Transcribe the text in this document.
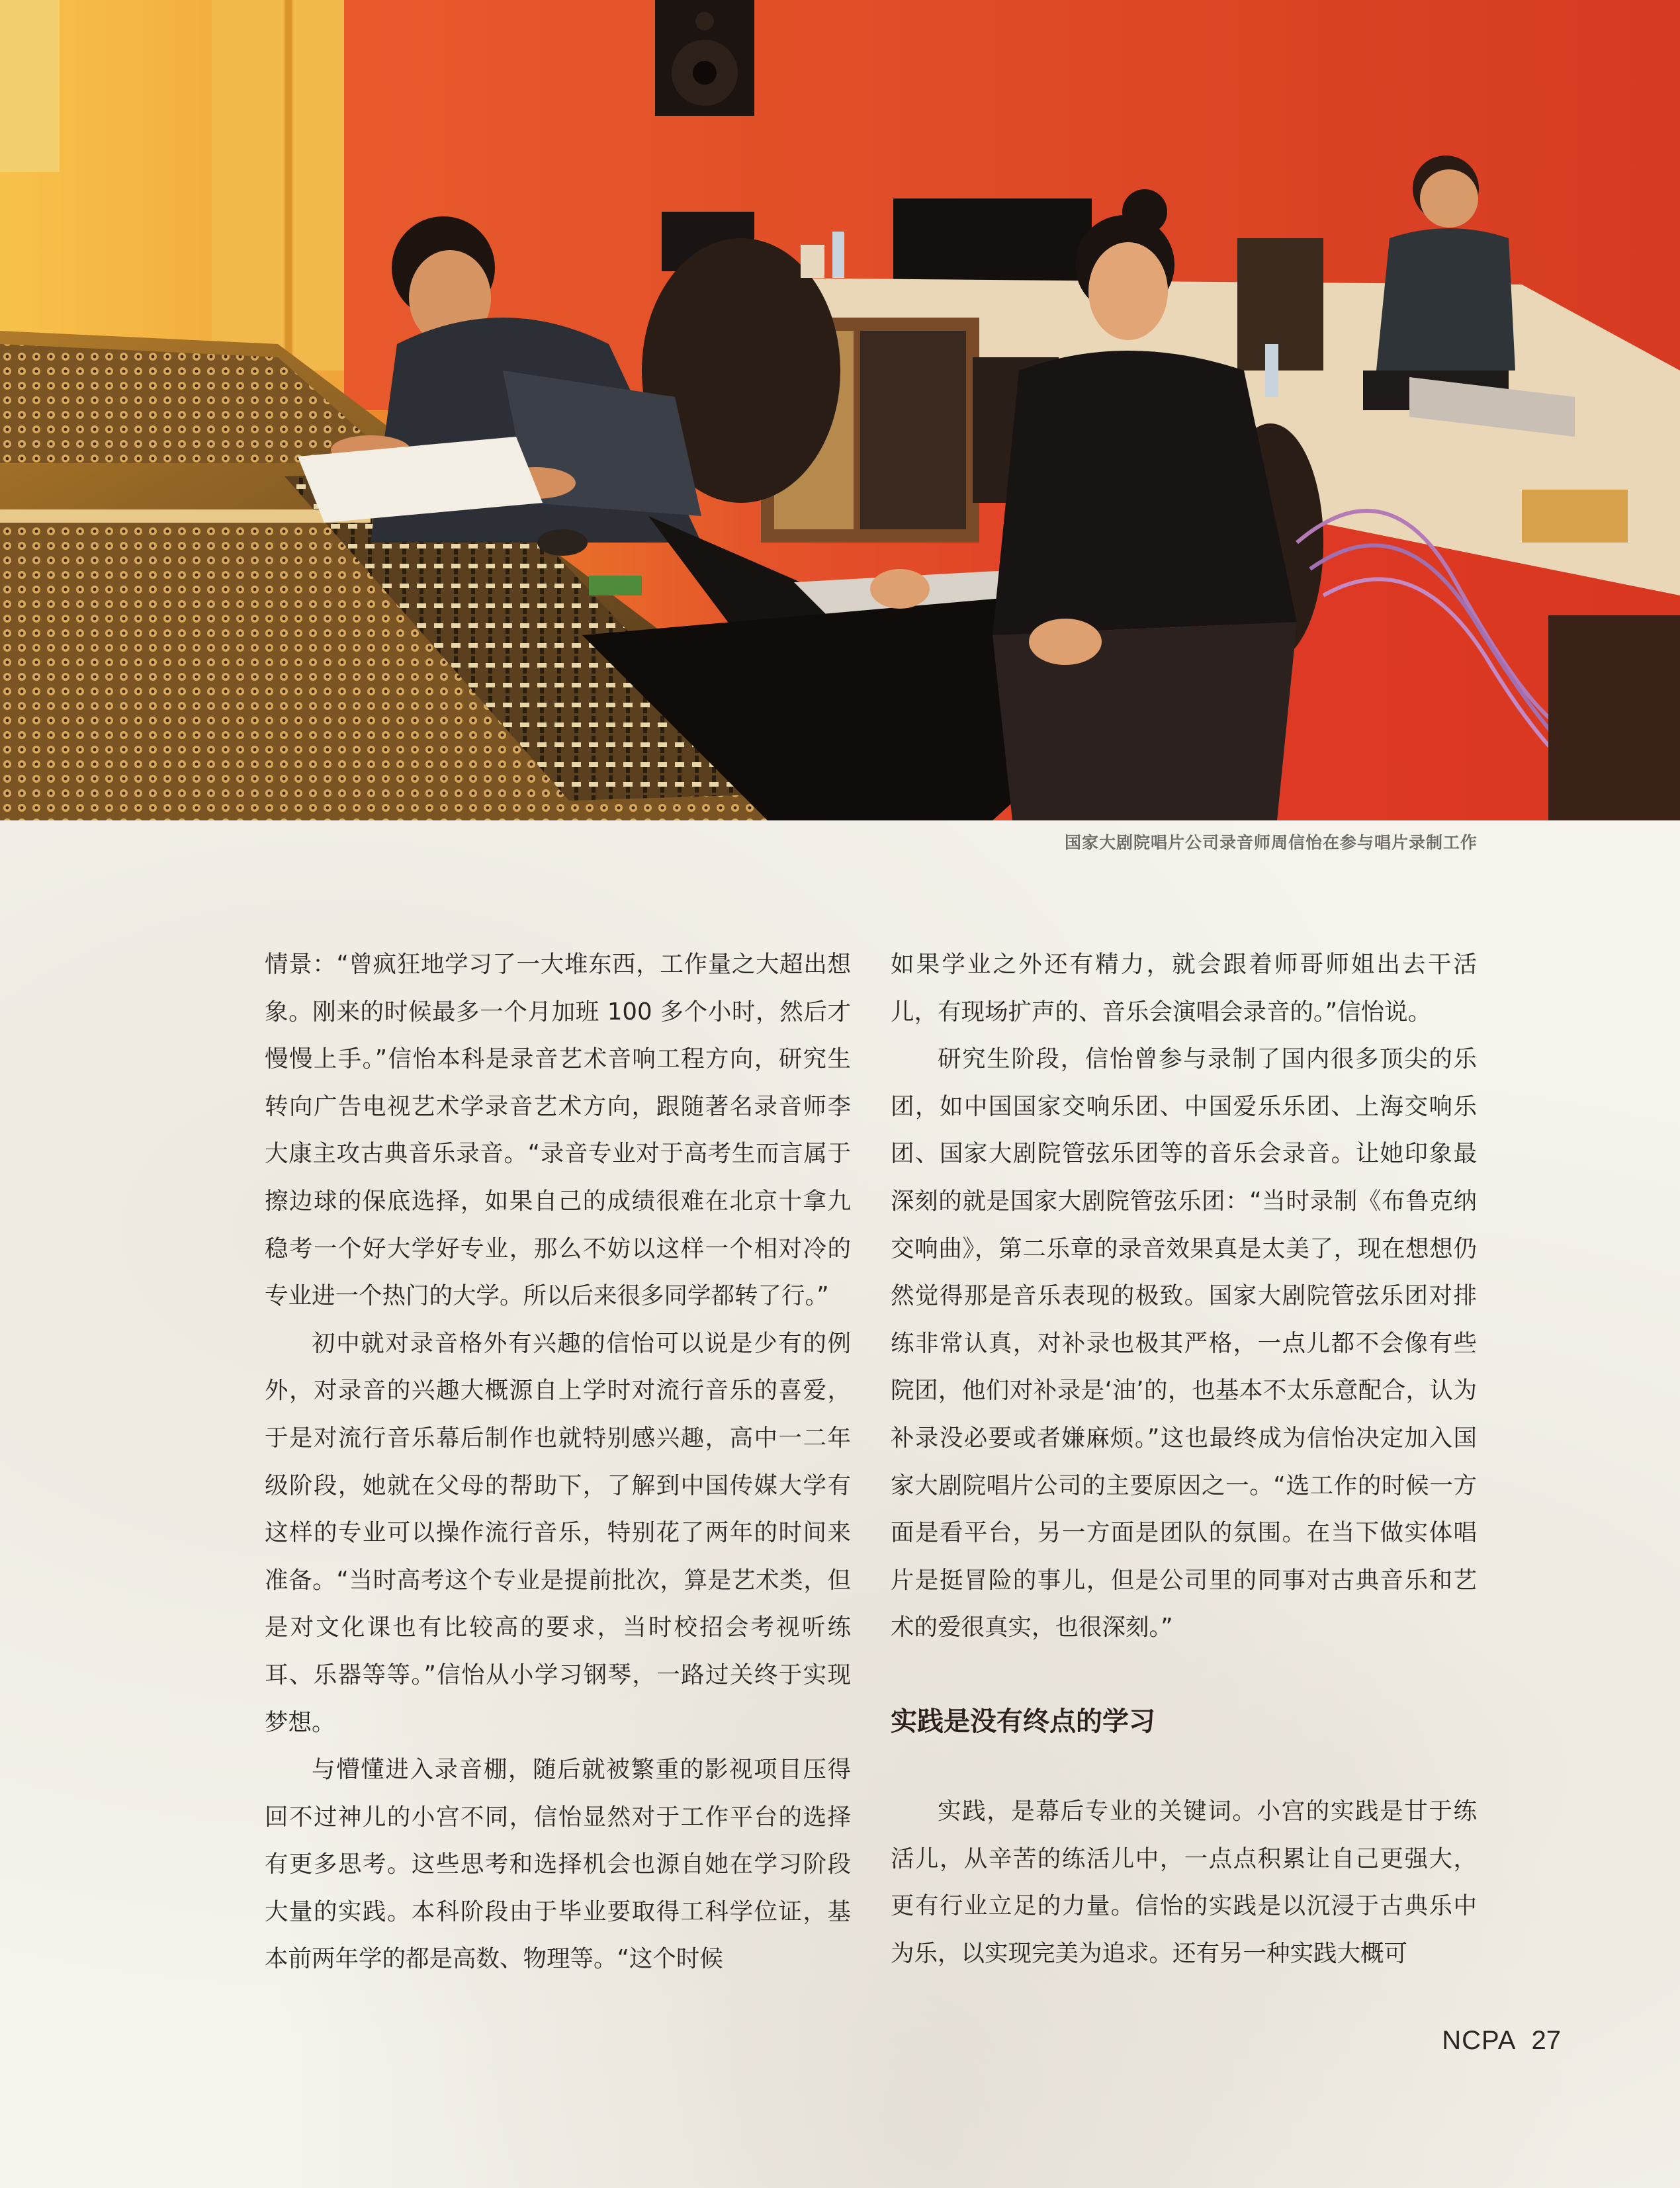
国家大剧院唱片公司录音师周信怡在参与唱片录制工作

情景：“曾疯狂地学习了一大堆东西，工作量之大超出想象。刚来的时候最多一个月加班 100 多个小时，然后才慢慢上手。”信怡本科是录音艺术音响工程方向，研究生转向广告电视艺术学录音艺术方向，跟随著名录音师李大康主攻古典音乐录音。“录音专业对于高考生而言属于擦边球的保底选择，如果自己的成绩很难在北京十拿九稳考一个好大学好专业，那么不妨以这样一个相对冷的专业进一个热门的大学。所以后来很多同学都转了行。”

初中就对录音格外有兴趣的信怡可以说是少有的例外，对录音的兴趣大概源自上学时对流行音乐的喜爱，于是对流行音乐幕后制作也就特别感兴趣，高中一二年级阶段，她就在父母的帮助下，了解到中国传媒大学有这样的专业可以操作流行音乐，特别花了两年的时间来准备。“当时高考这个专业是提前批次，算是艺术类，但是对文化课也有比较高的要求，当时校招会考视听练耳、乐器等等。”信怡从小学习钢琴，一路过关终于实现梦想。

与懵懂进入录音棚，随后就被繁重的影视项目压得回不过神儿的小宫不同，信怡显然对于工作平台的选择有更多思考。这些思考和选择机会也源自她在学习阶段大量的实践。本科阶段由于毕业要取得工科学位证，基本前两年学的都是高数、物理等。“这个时候

如果学业之外还有精力，就会跟着师哥师姐出去干活儿，有现场扩声的、音乐会演唱会录音的。”信怡说。

研究生阶段，信怡曾参与录制了国内很多顶尖的乐团，如中国国家交响乐团、中国爱乐乐团、上海交响乐团、国家大剧院管弦乐团等的音乐会录音。让她印象最深刻的就是国家大剧院管弦乐团：“当时录制《布鲁克纳交响曲》，第二乐章的录音效果真是太美了，现在想想仍然觉得那是音乐表现的极致。国家大剧院管弦乐团对排练非常认真，对补录也极其严格，一点儿都不会像有些院团，他们对补录是‘油’的，也基本不太乐意配合，认为补录没必要或者嫌麻烦。”这也最终成为信怡决定加入国家大剧院唱片公司的主要原因之一。“选工作的时候一方面是看平台，另一方面是团队的氛围。在当下做实体唱片是挺冒险的事儿，但是公司里的同事对古典音乐和艺术的爱很真实，也很深刻。”

实践是没有终点的学习

实践，是幕后专业的关键词。小宫的实践是甘于练活儿，从辛苦的练活儿中，一点点积累让自己更强大，更有行业立足的力量。信怡的实践是以沉浸于古典乐中为乐，以实现完美为追求。还有另一种实践大概可

NCPA 27
